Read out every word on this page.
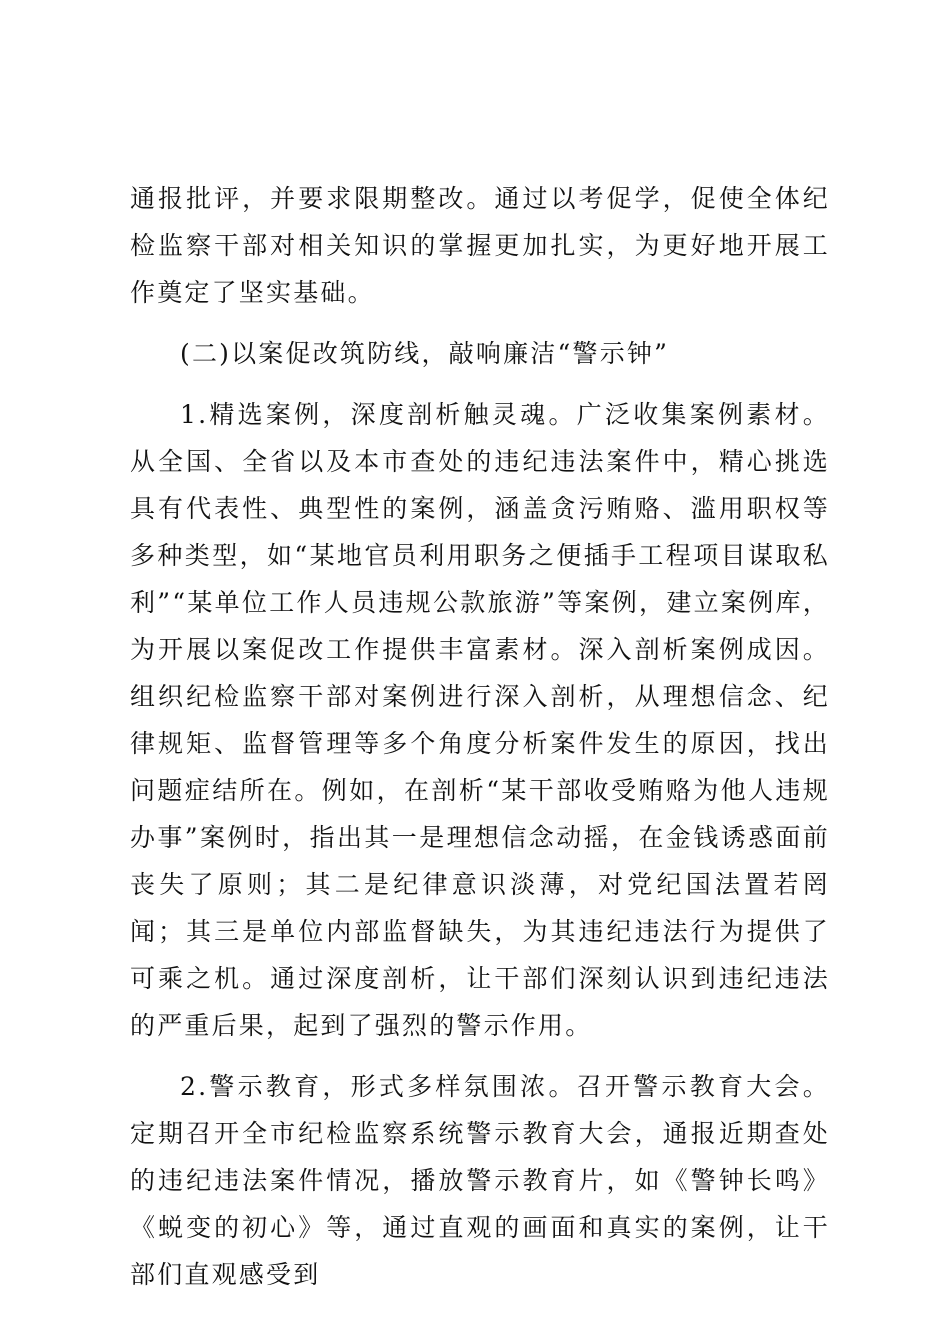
通报批评，并要求限期整改。通过以考促学，促使全体纪检监察干部对相关知识的掌握更加扎实，为更好地开展工作奠定了坚实基础。

(二)以案促改筑防线，敲响廉洁“警示钟”

1.精选案例，深度剖析触灵魂。广泛收集案例素材。从全国、全省以及本市查处的违纪违法案件中，精心挑选具有代表性、典型性的案例，涵盖贪污贿赂、滥用职权等多种类型，如“某地官员利用职务之便插手工程项目谋取私利”“某单位工作人员违规公款旅游”等案例，建立案例库，为开展以案促改工作提供丰富素材。深入剖析案例成因。组织纪检监察干部对案例进行深入剖析，从理想信念、纪律规矩、监督管理等多个角度分析案件发生的原因，找出问题症结所在。例如，在剖析“某干部收受贿赂为他人违规办事”案例时，指出其一是理想信念动摇，在金钱诱惑面前丧失了原则；其二是纪律意识淡薄，对党纪国法置若罔闻；其三是单位内部监督缺失，为其违纪违法行为提供了可乘之机。通过深度剖析，让干部们深刻认识到违纪违法的严重后果，起到了强烈的警示作用。

2.警示教育，形式多样氛围浓。召开警示教育大会。定期召开全市纪检监察系统警示教育大会，通报近期查处的违纪违法案件情况，播放警示教育片，如《警钟长鸣》《蜕变的初心》等，通过直观的画面和真实的案例，让干部们直观感受到
